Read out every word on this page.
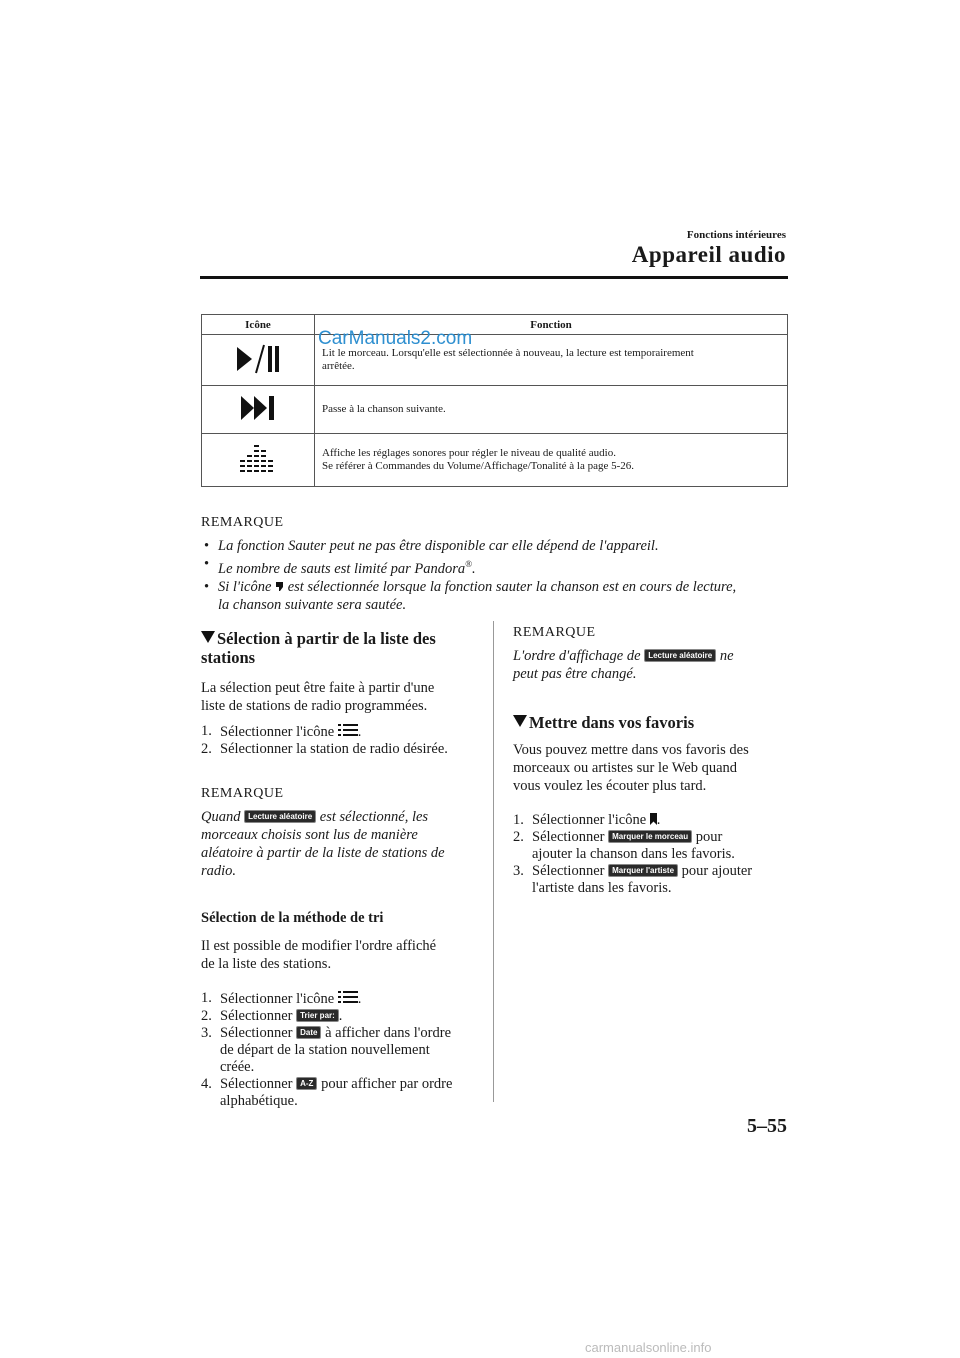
Fonctions intérieures
Appareil audio
Icône	Fonction

Lit le morceau. Lorsqu'elle est sélectionnée à nouveau, la lecture est temporairement
arrêtée.

Passe à la chanson suivante.

Affiche les réglages sonores pour régler le niveau de qualité audio.
Se référer à Commandes du Volume/Affichage/Tonalité à la page 5-26.
CarManuals2.com
REMARQUE
• La fonction Sauter peut ne pas être disponible car elle dépend de l'appareil.
• Le nombre de sauts est limité par Pandora®.
• Si l'icône est sélectionnée lorsque la fonction sauter la chanson est en cours de lecture,
la chanson suivante sera sautée.
Sélection à partir de la liste des stations
La sélection peut être faite à partir d'une
liste de stations de radio programmées.
1. Sélectionner l'icône .
2. Sélectionner la station de radio désirée.
REMARQUE
Quand Lecture aléatoire est sélectionné, les
morceaux choisis sont lus de manière
aléatoire à partir de la liste de stations de
radio.
Sélection de la méthode de tri
Il est possible de modifier l'ordre affiché
de la liste des stations.
1. Sélectionner l'icône .
2. Sélectionner Trier par: .
3. Sélectionner Date à afficher dans l'ordre
de départ de la station nouvellement
créée.
4. Sélectionner A-Z pour afficher par ordre
alphabétique.
REMARQUE
L'ordre d'affichage de Lecture aléatoire ne
peut pas être changé.
Mettre dans vos favoris
Vous pouvez mettre dans vos favoris des
morceaux ou artistes sur le Web quand
vous voulez les écouter plus tard.
1. Sélectionner l'icône .
2. Sélectionner Marquer le morceau pour
ajouter la chanson dans les favoris.
3. Sélectionner Marquer l'artiste pour ajouter
l'artiste dans les favoris.
5–55
carmanualsonline.info
